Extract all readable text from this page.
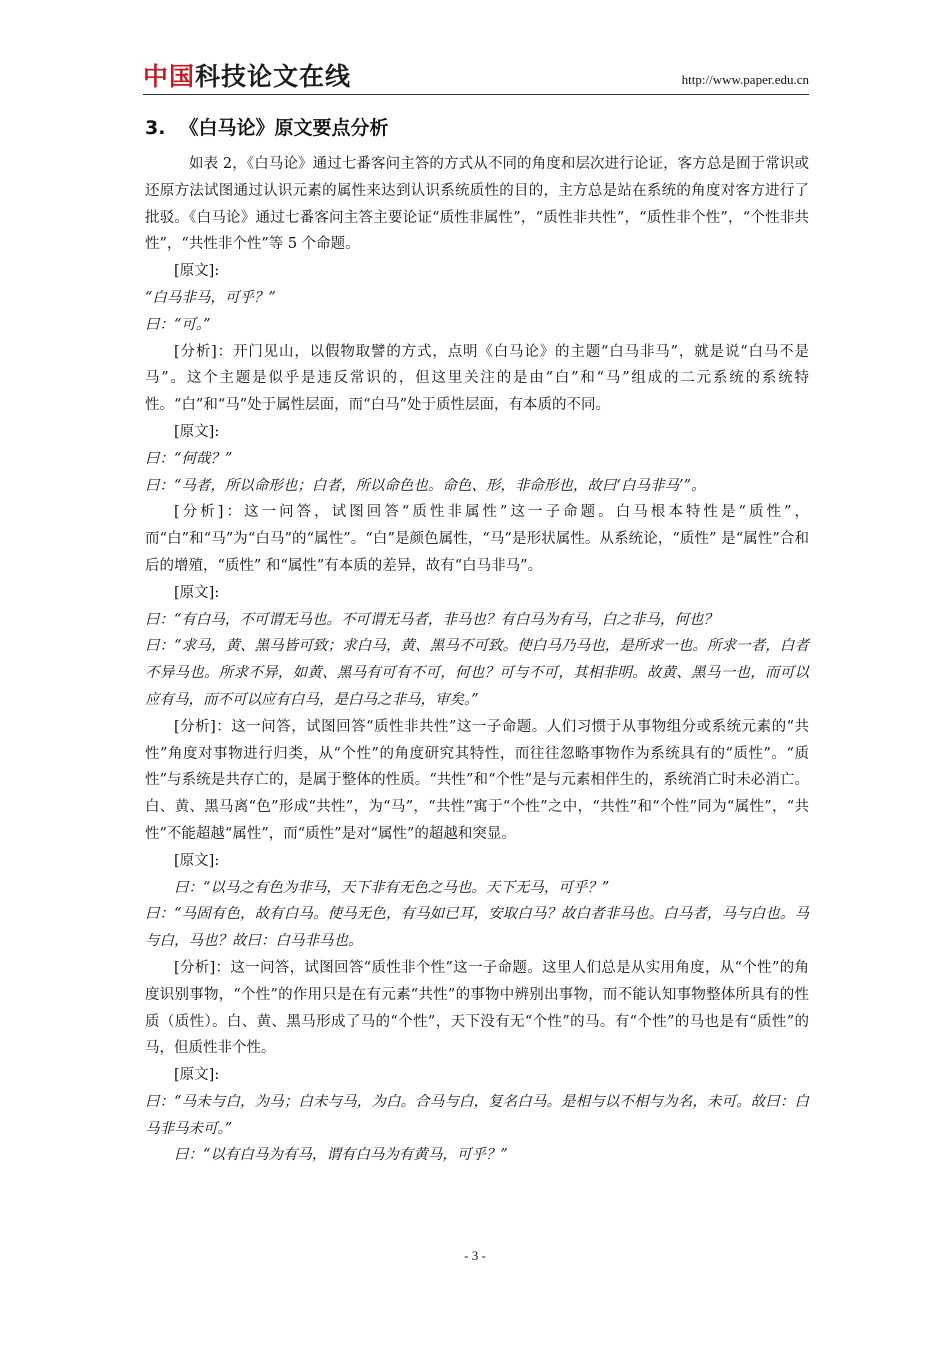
中国科技论文在线	http://www.paper.edu.cn
3. 《白马论》原文要点分析

如表 2，《白马论》通过七番客问主答的方式从不同的角度和层次进行论证，客方总是囿于常识或还原方法试图通过认识元素的属性来达到认识系统质性的目的，主方总是站在系统的角度对客方进行了批驳。《白马论》通过七番客问主答主要论证“质性非属性”，“质性非共性”，“质性非个性”，“个性非共性”，“共性非个性”等 5 个命题。

[原文]:

“白马非马，可乎？”

曰：“可。”

[分析]：开门见山，以假物取譬的方式，点明《白马论》的主题“白马非马”，就是说“白马不是马”。这个主题是似乎是违反常识的，但这里关注的是由“白”和“马”组成的二元系统的系统特性。“白”和“马”处于属性层面，而“白马”处于质性层面，有本质的不同。

[原文]:

曰：“何哉？”

曰：“马者，所以命形也；白者，所以命色也。命色、形，非命形也，故曰‘白马非马’”。

[分析]：这一问答，试图回答“质性非属性”这一子命题。白马根本特性是“质性”，而“白”和“马”为“白马”的“属性”。“白”是颜色属性，“马”是形状属性。从系统论，“质性” 是“属性”合和后的增殖，“质性” 和“属性”有本质的差异，故有“白马非马”。

[原文]:

曰：“有白马，不可谓无马也。不可谓无马者，非马也？有白马为有马，白之非马，何也？

曰：“求马，黄、黑马皆可致；求白马，黄、黑马不可致。使白马乃马也，是所求一也。所求一者，白者不异马也。所求不异，如黄、黑马有可有不可，何也？可与不可，其相非明。故黄、黑马一也，而可以应有马，而不可以应有白马，是白马之非马，审矣。”

[分析]：这一问答，试图回答“质性非共性”这一子命题。人们习惯于从事物组分或系统元素的“共性”角度对事物进行归类，从“个性”的角度研究其特性，而往往忽略事物作为系统具有的“质性”。“质性”与系统是共存亡的，是属于整体的性质。“共性”和“个性”是与元素相伴生的，系统消亡时未必消亡。白、黄、黑马离“色”形成“共性”，为“马”，“共性”寓于“个性”之中，“共性”和“个性”同为“属性”，“共性”不能超越“属性”，而“质性”是对“属性”的超越和突显。

[原文]:

曰：“以马之有色为非马，天下非有无色之马也。天下无马，可乎？”

曰：“马固有色，故有白马。使马无色，有马如已耳，安取白马？故白者非马也。白马者，马与白也。马与白，马也？故曰：白马非马也。

[分析]：这一问答，试图回答“质性非个性”这一子命题。这里人们总是从实用角度，从“个性”的角度识别事物，“个性”的作用只是在有元素“共性”的事物中辨别出事物，而不能认知事物整体所具有的性质（质性）。白、黄、黑马形成了马的“个性”，天下没有无“个性”的马。有“个性”的马也是有“质性”的马，但质性非个性。

[原文]:

曰：“马未与白，为马；白未与马，为白。合马与白，复名白马。是相与以不相与为名，未可。故曰：白马非马未可。”

曰：“以有白马为有马，谓有白马为有黄马，可乎？”

- 3 -
